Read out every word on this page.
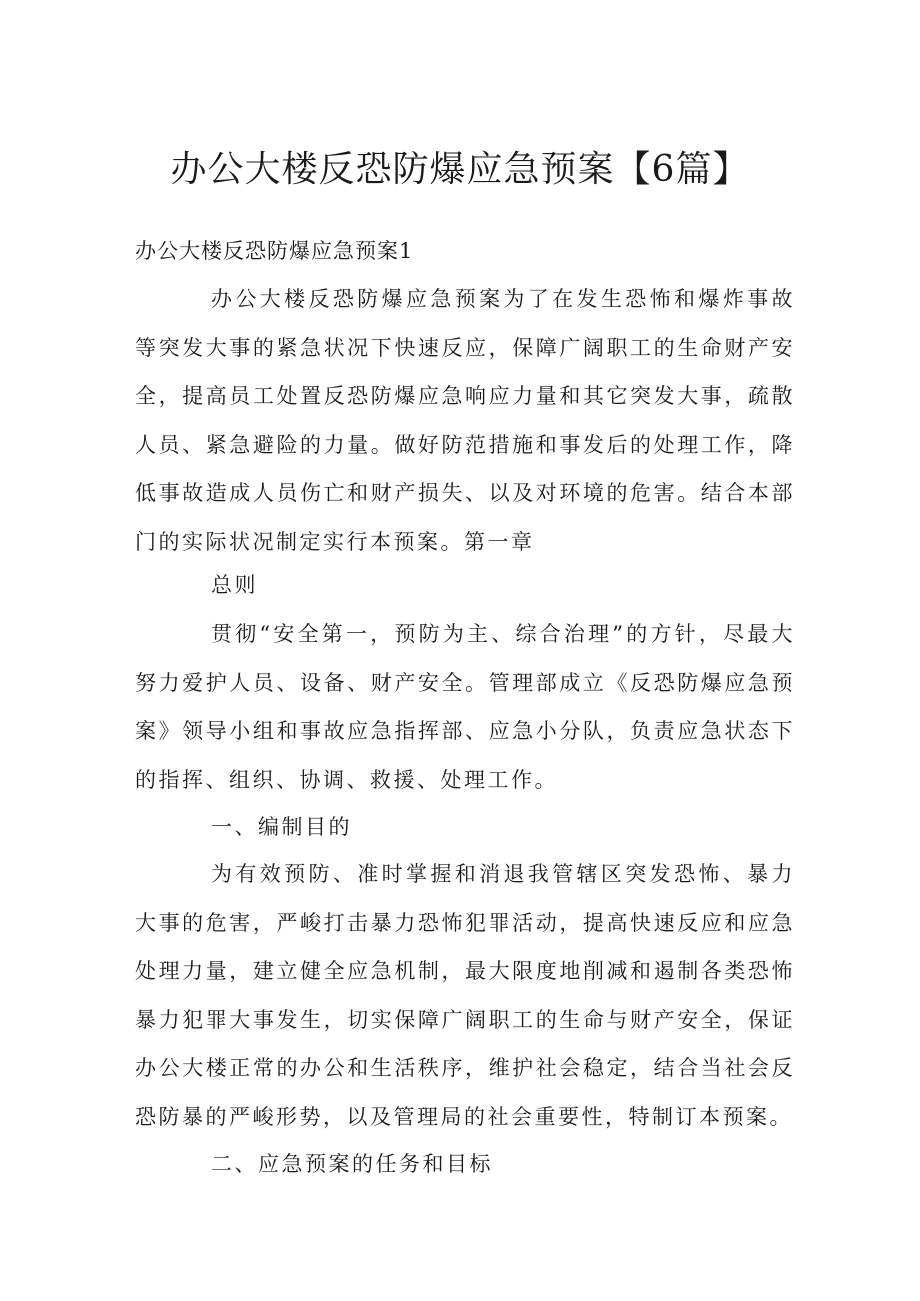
办公大楼反恐防爆应急预案【6篇】

办公大楼反恐防爆应急预案1

办公大楼反恐防爆应急预案为了在发生恐怖和爆炸事故等突发大事的紧急状况下快速反应，保障广阔职工的生命财产安全，提高员工处置反恐防爆应急响应力量和其它突发大事，疏散人员、紧急避险的力量。做好防范措施和事发后的处理工作，降低事故造成人员伤亡和财产损失、以及对环境的危害。结合本部门的实际状况制定实行本预案。第一章

总则

贯彻“安全第一，预防为主、综合治理”的方针，尽最大努力爱护人员、设备、财产安全。管理部成立《反恐防爆应急预案》领导小组和事故应急指挥部、应急小分队，负责应急状态下的指挥、组织、协调、救援、处理工作。

一、编制目的

为有效预防、准时掌握和消退我管辖区突发恐怖、暴力大事的危害，严峻打击暴力恐怖犯罪活动，提高快速反应和应急处理力量，建立健全应急机制，最大限度地削减和遏制各类恐怖暴力犯罪大事发生，切实保障广阔职工的生命与财产安全，保证办公大楼正常的办公和生活秩序，维护社会稳定，结合当社会反恐防暴的严峻形势，以及管理局的社会重要性，特制订本预案。

二、应急预案的任务和目标
